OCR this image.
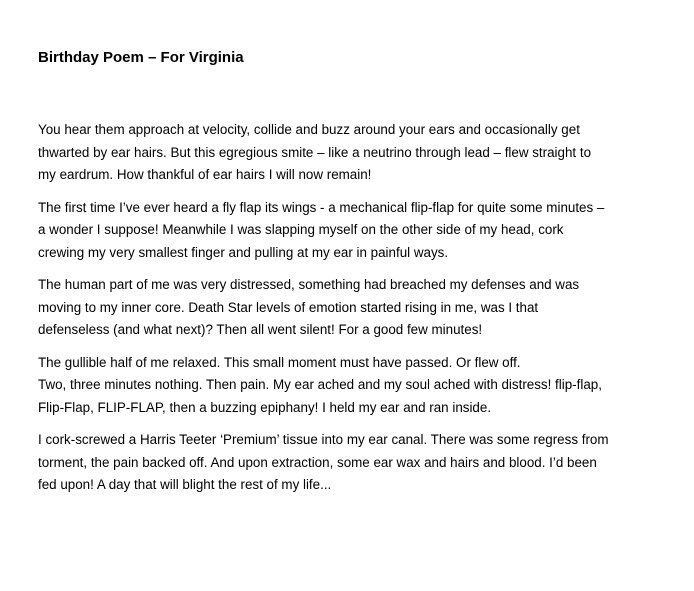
Birthday Poem – For Virginia

You hear them approach at velocity, collide and buzz around your ears and occasionally get
thwarted by ear hairs. But this egregious smite – like a neutrino through lead – flew straight to
my eardrum. How thankful of ear hairs I will now remain!

The first time I’ve ever heard a fly flap its wings - a mechanical flip-flap for quite some minutes –
a wonder I suppose! Meanwhile I was slapping myself on the other side of my head, cork
crewing my very smallest finger and pulling at my ear in painful ways.

The human part of me was very distressed, something had breached my defenses and was
moving to my inner core. Death Star levels of emotion started rising in me, was I that
defenseless (and what next)? Then all went silent! For a good few minutes!

The gullible half of me relaxed. This small moment must have passed. Or flew off.
Two, three minutes nothing. Then pain. My ear ached and my soul ached with distress! flip-flap,
Flip-Flap, FLIP-FLAP, then a buzzing epiphany! I held my ear and ran inside.

I cork-screwed a Harris Teeter ‘Premium’ tissue into my ear canal. There was some regress from
torment, the pain backed off. And upon extraction, some ear wax and hairs and blood. I’d been
fed upon! A day that will blight the rest of my life...
